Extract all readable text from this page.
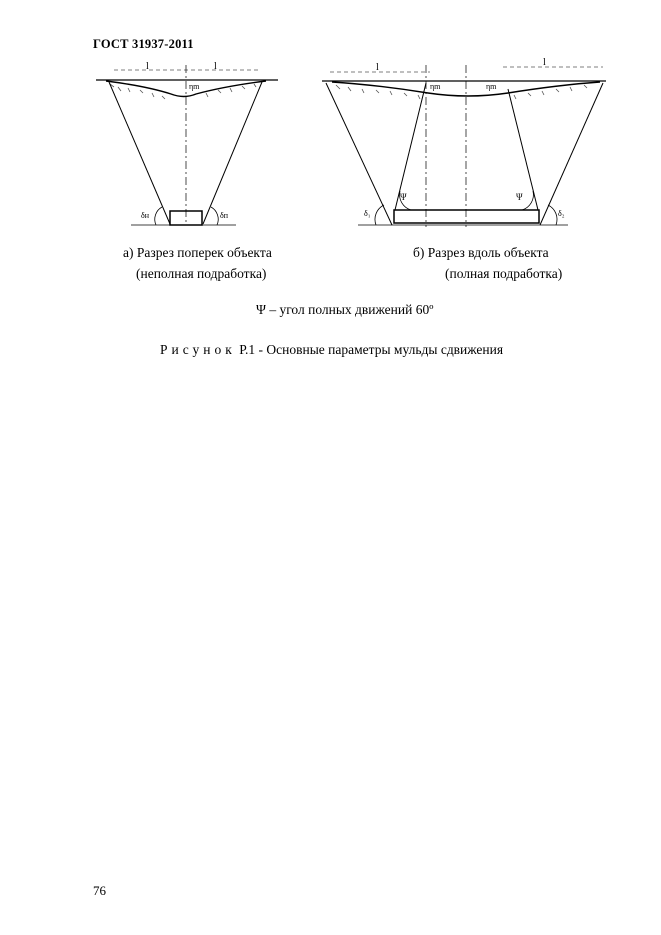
ГОСТ 31937-2011
l	l
ηm
δн	δп
l	l
ηm	ηm
Ψ	Ψ
δ₁	δ₂
а) Разрез поперек объекта
(неполная подработка)
б) Разрез вдоль объекта
(полная подработка)
Ψ – угол полных движений 60º
Рисунок Р.1 - Основные параметры мульды сдвижения
76
